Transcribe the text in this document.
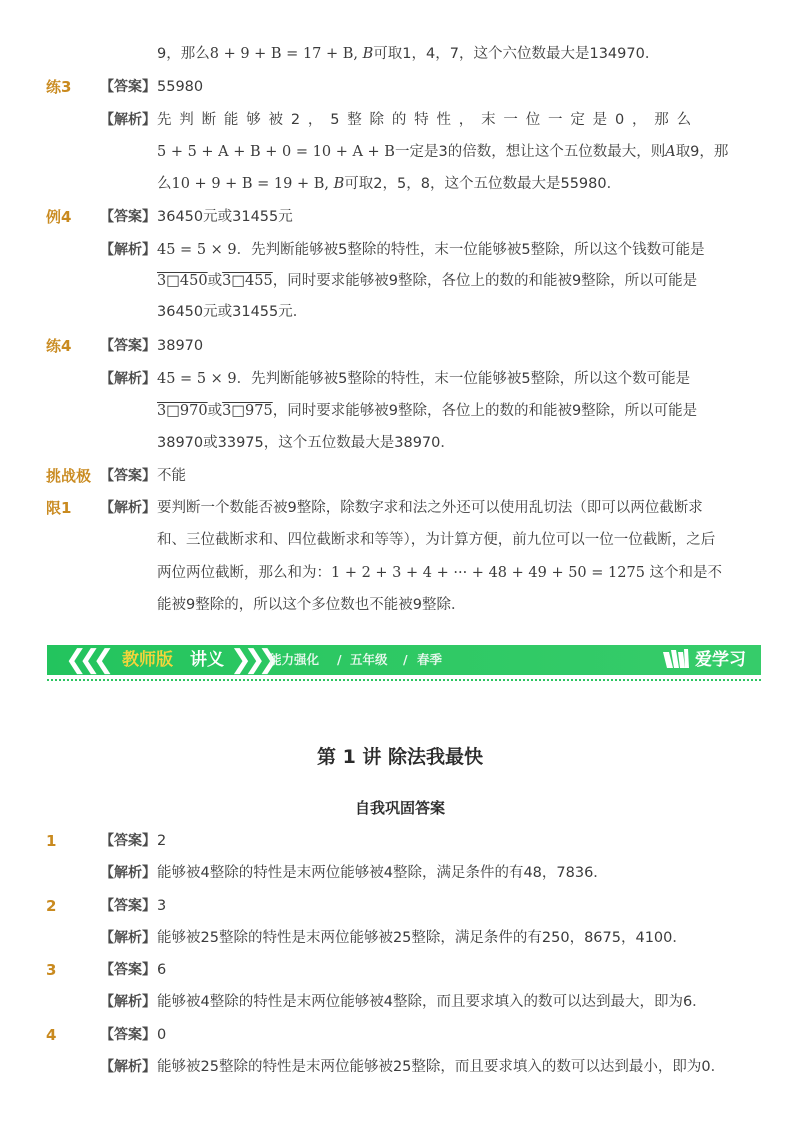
9，那么8 + 9 + B = 17 + B, B可取1，4，7，这个六位数最大是134970．
练3 【答案】 55980
【解析】 先 判 断 能 够 被 2 ， 5 整 除 的 特 性 ， 末 一 位 一 定 是 0 ， 那 么
5 + 5 + A + B + 0 = 10 + A + B一定是3的倍数，想让这个五位数最大，则A取9，那
么10 + 9 + B = 19 + B, B可取2，5，8，这个五位数最大是55980．
例4 【答案】 36450元或31455元
【解析】 45 = 5 × 9．先判断能够被5整除的特性，末一位能够被5整除，所以这个钱数可能是
3□450或3□455，同时要求能够被9整除，各位上的数的和能被9整除，所以可能是
36450元或31455元．
练4 【答案】 38970
【解析】 45 = 5 × 9．先判断能够被5整除的特性，末一位能够被5整除，所以这个数可能是
3□970或3□975，同时要求能够被9整除，各位上的数的和能被9整除，所以可能是
38970或33975，这个五位数最大是38970．
挑战极
限1
【答案】 不能
【解析】 要判断一个数能否被9整除，除数字求和法之外还可以使用乱切法（即可以两位截断求
和、三位截断求和、四位截断求和等等），为计算方便，前九位可以一位一位截断，之后
两位两位截断，那么和为：1 + 2 + 3 + 4 + ··· + 48 + 49 + 50 = 1275 这个和是不
能被9整除的，所以这个多位数也不能被9整除．
❮❮❮ 教师版 讲义 ❯❯❯
能力强化 / 五年级 / 春季	爱学习
第 1 讲 除法我最快
自我巩固答案
1	【答案】 2
【解析】 能够被4整除的特性是末两位能够被4整除，满足条件的有48，7836．
2	【答案】 3
【解析】 能够被25整除的特性是末两位能够被25整除，满足条件的有250，8675，4100．
3	【答案】 6
【解析】 能够被4整除的特性是末两位能够被4整除，而且要求填入的数可以达到最大，即为6．
4	【答案】 0
【解析】 能够被25整除的特性是末两位能够被25整除，而且要求填入的数可以达到最小，即为0．
